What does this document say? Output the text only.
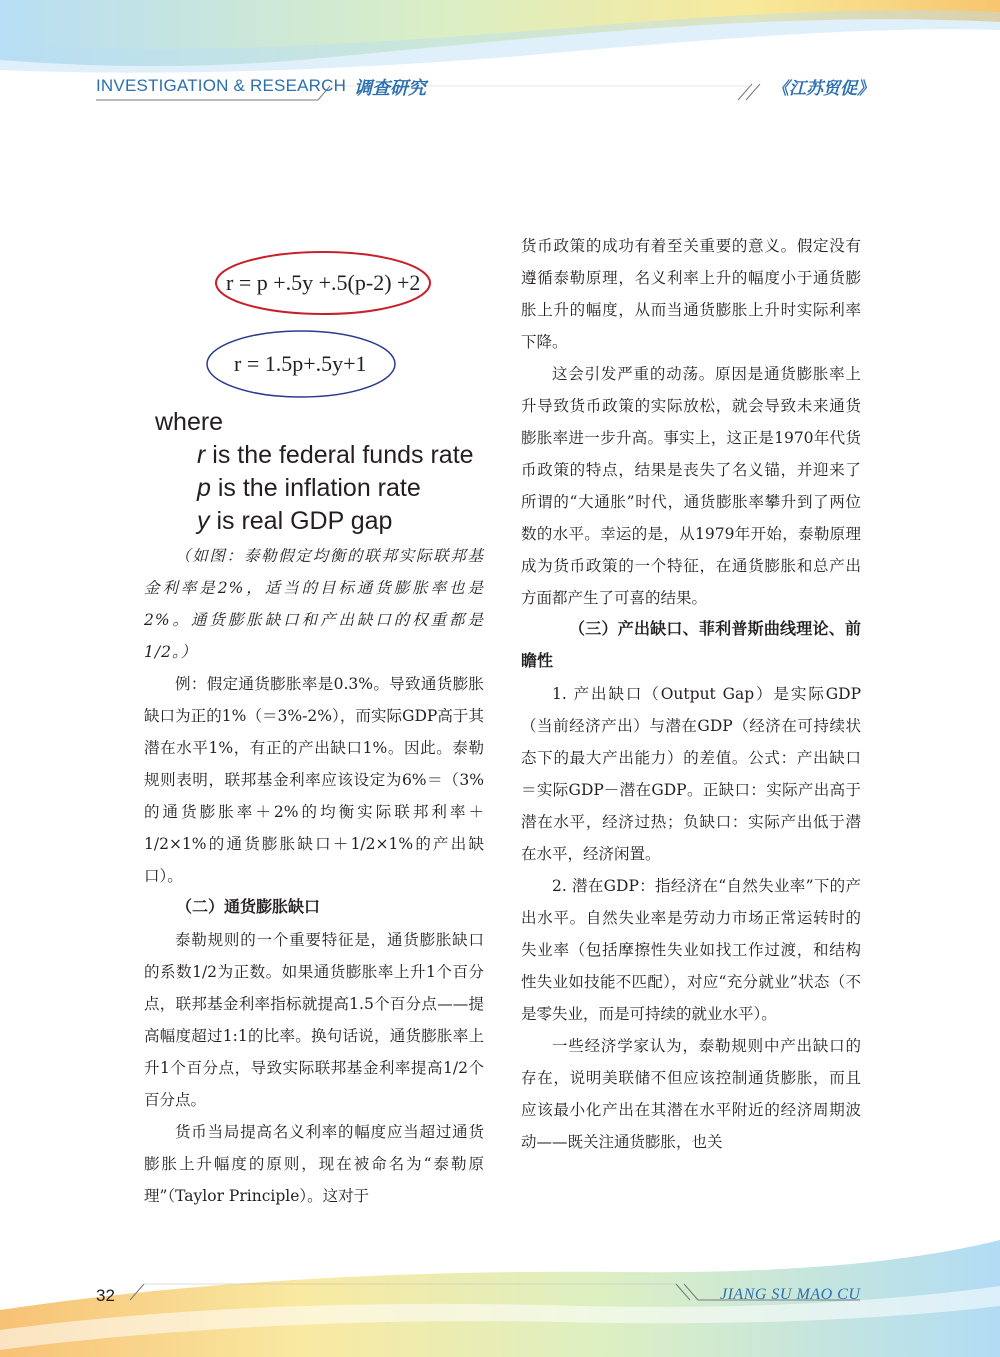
INVESTIGATION & RESEARCH 调查研究	《江苏贸促》
r = p +.5y +.5(p-2) +2
r = 1.5p+.5y+1
where
r is the federal funds rate
p is the inflation rate
y is real GDP gap

（如图：泰勒假定均衡的联邦实际联邦基金利率是2%，适当的目标通货膨胀率也是2%。通货膨胀缺口和产出缺口的权重都是1/2。）

例：假定通货膨胀率是0.3%。导致通货膨胀缺口为正的1%（＝3%-2%），而实际GDP高于其潜在水平1%，有正的产出缺口1%。因此。泰勒规则表明，联邦基金利率应该设定为6%＝（3%的通货膨胀率＋2%的均衡实际联邦利率＋1/2×1%的通货膨胀缺口＋1/2×1%的产出缺口）。

（二）通货膨胀缺口

泰勒规则的一个重要特征是，通货膨胀缺口的系数1/2为正数。如果通货膨胀率上升1个百分点，联邦基金利率指标就提高1.5个百分点——提高幅度超过1:1的比率。换句话说，通货膨胀率上升1个百分点，导致实际联邦基金利率提高1/2个百分点。

货币当局提高名义利率的幅度应当超过通货膨胀上升幅度的原则，现在被命名为“泰勒原理”（Taylor Principle）。这对于

货币政策的成功有着至关重要的意义。假定没有遵循泰勒原理，名义利率上升的幅度小于通货膨胀上升的幅度，从而当通货膨胀上升时实际利率下降。

这会引发严重的动荡。原因是通货膨胀率上升导致货币政策的实际放松，就会导致未来通货膨胀率进一步升高。事实上，这正是1970年代货币政策的特点，结果是丧失了名义锚，并迎来了所谓的“大通胀”时代，通货膨胀率攀升到了两位数的水平。幸运的是，从1979年开始，泰勒原理成为货币政策的一个特征，在通货膨胀和总产出方面都产生了可喜的结果。

（三）产出缺口、菲利普斯曲线理论、前瞻性

1. 产出缺口（Output Gap）是实际GDP（当前经济产出）与潜在GDP（经济在可持续状态下的最大产出能力）的差值。公式：产出缺口＝实际GDP－潜在GDP。正缺口：实际产出高于潜在水平，经济过热；负缺口：实际产出低于潜在水平，经济闲置。

2. 潜在GDP：指经济在“自然失业率”下的产出水平。自然失业率是劳动力市场正常运转时的失业率（包括摩擦性失业如找工作过渡，和结构性失业如技能不匹配），对应“充分就业”状态（不是零失业，而是可持续的就业水平）。

一些经济学家认为，泰勒规则中产出缺口的存在，说明美联储不但应该控制通货膨胀，而且应该最小化产出在其潜在水平附近的经济周期波动——既关注通货膨胀，也关

32	JIANG SU MAO CU
